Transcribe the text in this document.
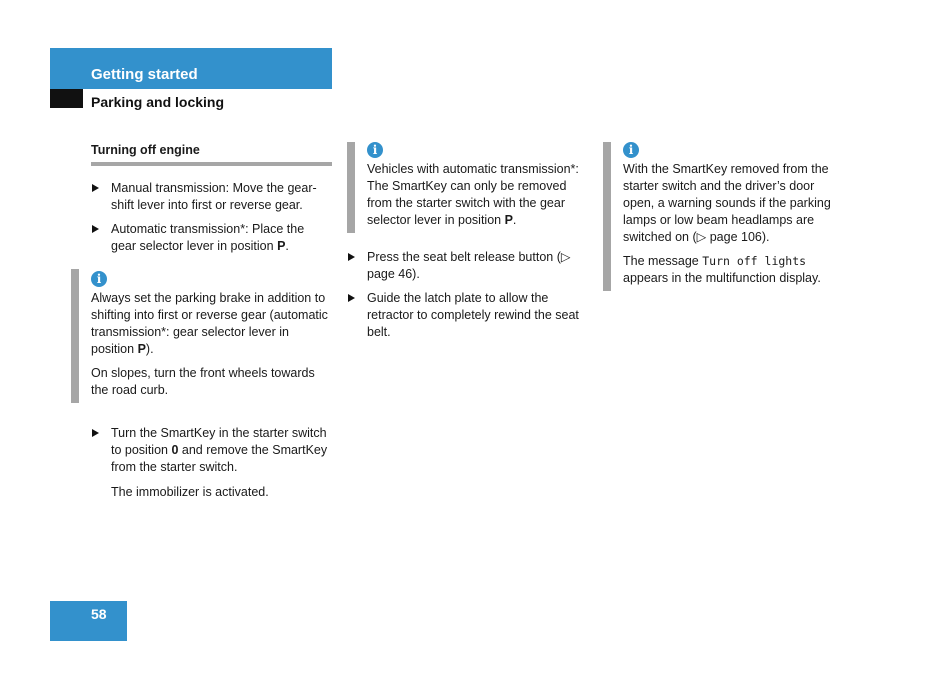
Getting started
Parking and locking
Turning off engine
Manual transmission: Move the gear-shift lever into first or reverse gear.
Automatic transmission*: Place the gear selector lever in position P.
i

Always set the parking brake in addition to shifting into first or reverse gear (automatic transmission*: gear selector lever in position P).

On slopes, turn the front wheels towards the road curb.

Turn the SmartKey in the starter switch to position 0 and remove the SmartKey from the starter switch.
The immobilizer is activated.
i

Vehicles with automatic transmission*: The SmartKey can only be removed from the starter switch with the gear selector lever in position P.

Press the seat belt release button (▷ page 46).
Guide the latch plate to allow the retractor to completely rewind the seat belt.
i

With the SmartKey removed from the starter switch and the driver’s door open, a warning sounds if the parking lamps or low beam headlamps are switched on (▷ page 106).

The message Turn off lights appears in the multifunction display.

58
